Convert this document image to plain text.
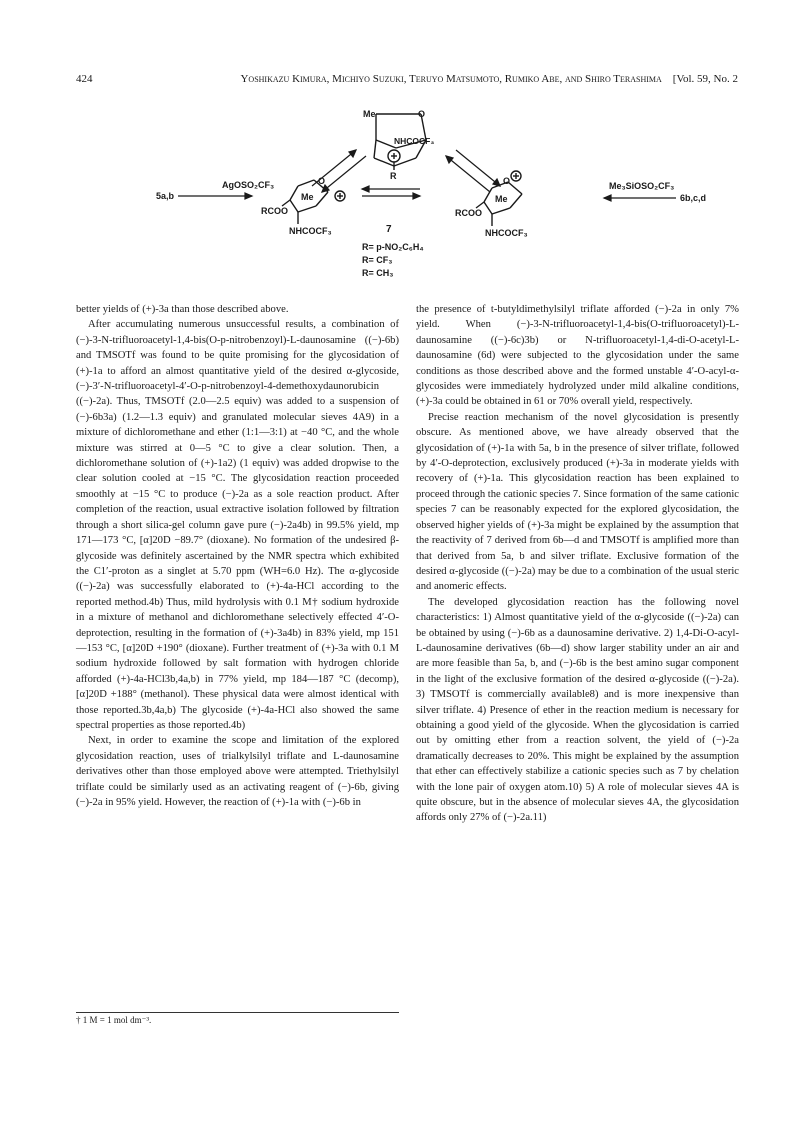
424	Yoshikazu Kimura, Michiyo Suzuki, Teruyo Matsumoto, Rumiko Abe, and Shiro Terashima [Vol. 59, No. 2
Me	O
NHCOCF₃
R
5a,b
AgOSO₂CF₃	Me₃SiOSO₂CF₃
6b,c,d
O
Me
RCOO
NHCOCF₃
O
Me
RCOO
NHCOCF₃
7
R= p-NO₂C₆H₄
R= CF₃
R= CH₃

better yields of (+)-3a than those described above.

After accumulating numerous unsuccessful results, a combination of (−)-3-N-trifluoroacetyl-1,4-bis(O-p-nitrobenzoyl)-L-daunosamine ((−)-6b) and TMSOTf was found to be quite promising for the glycosidation of (+)-1a to afford an almost quantitative yield of the desired α-glycoside, (−)-3′-N-trifluoroacetyl-4′-O-p-nitrobenzoyl-4-demethoxydaunorubicin ((−)-2a). Thus, TMSOTf (2.0—2.5 equiv) was added to a suspension of (−)-6b3a) (1.2—1.3 equiv) and granulated molecular sieves 4A9) in a mixture of dichloromethane and ether (1:1—3:1) at −40 °C, and the whole mixture was stirred at 0—5 °C to give a clear solution. Then, a dichloromethane solution of (+)-1a2) (1 equiv) was added dropwise to the clear solution cooled at −15 °C. The glycosidation reaction proceeded smoothly at −15 °C to produce (−)-2a as a sole reaction product. After completion of the reaction, usual extractive isolation followed by filtration through a short silica-gel column gave pure (−)-2a4b) in 99.5% yield, mp 171—173 °C, [α]20D −89.7° (dioxane). No formation of the undesired β-glycoside was definitely ascertained by the NMR spectra which exhibited the C1′-proton as a singlet at 5.70 ppm (WH=6.0 Hz). The α-glycoside ((−)-2a) was successfully elaborated to (+)-4a-HCl according to the reported method.4b) Thus, mild hydrolysis with 0.1 M† sodium hydroxide in a mixture of methanol and dichloromethane selectively effected 4′-O-deprotection, resulting in the formation of (+)-3a4b) in 83% yield, mp 151—153 °C, [α]20D +190° (dioxane). Further treatment of (+)-3a with 0.1 M sodium hydroxide followed by salt formation with hydrogen chloride afforded (+)-4a-HCl3b,4a,b) in 77% yield, mp 184—187 °C (decomp), [α]20D +188° (methanol). These physical data were almost identical with those reported.3b,4a,b) The glycoside (+)-4a-HCl also showed the same spectral properties as those reported.4b)

Next, in order to examine the scope and limitation of the explored glycosidation reaction, uses of trialkylsilyl triflate and L-daunosamine derivatives other than those employed above were attempted. Triethylsilyl triflate could be similarly used as an activating reagent of (−)-6b, giving (−)-2a in 95% yield. However, the reaction of (+)-1a with (−)-6b in

† 1 M = 1 mol dm⁻³.

the presence of t-butyldimethylsilyl triflate afforded (−)-2a in only 7% yield. When (−)-3-N-trifluoroacetyl-1,4-bis(O-trifluoroacetyl)-L-daunosamine ((−)-6c)3b) or N-trifluoroacetyl-1,4-di-O-acetyl-L-daunosamine (6d) were subjected to the glycosidation under the same conditions as those described above and the formed unstable 4′-O-acyl-α-glycosides were immediately hydrolyzed under mild alkaline conditions, (+)-3a could be obtained in 61 or 70% overall yield, respectively.

Precise reaction mechanism of the novel glycosidation is presently obscure. As mentioned above, we have already observed that the glycosidation of (+)-1a with 5a, b in the presence of silver triflate, followed by 4′-O-deprotection, exclusively produced (+)-3a in moderate yields with recovery of (+)-1a. This glycosidation reaction has been explained to proceed through the cationic species 7. Since formation of the same cationic species 7 can be reasonably expected for the explored glycosidation, the observed higher yields of (+)-3a might be explained by the assumption that the reactivity of 7 derived from 6b—d and TMSOTf is amplified more than that derived from 5a, b and silver triflate. Exclusive formation of the desired α-glycoside ((−)-2a) may be due to a combination of the usual steric and anomeric effects.

The developed glycosidation reaction has the following novel characteristics: 1) Almost quantitative yield of the α-glycoside ((−)-2a) can be obtained by using (−)-6b as a daunosamine derivative. 2) 1,4-Di-O-acyl-L-daunosamine derivatives (6b—d) show larger stability under an air and are more feasible than 5a, b, and (−)-6b is the best amino sugar component in the light of the exclusive formation of the desired α-glycoside ((−)-2a). 3) TMSOTf is commercially available8) and is more inexpensive than silver triflate. 4) Presence of ether in the reaction medium is necessary for obtaining a good yield of the glycoside. When the glycosidation is carried out by omitting ether from a reaction solvent, the yield of (−)-2a dramatically decreases to 20%. This might be explained by the assumption that ether can effectively stabilize a cationic species such as 7 by chelation with the lone pair of oxygen atom.10) 5) A role of molecular sieves 4A is quite obscure, but in the absence of molecular sieves 4A, the glycosidation affords only 27% of (−)-2a.11)
